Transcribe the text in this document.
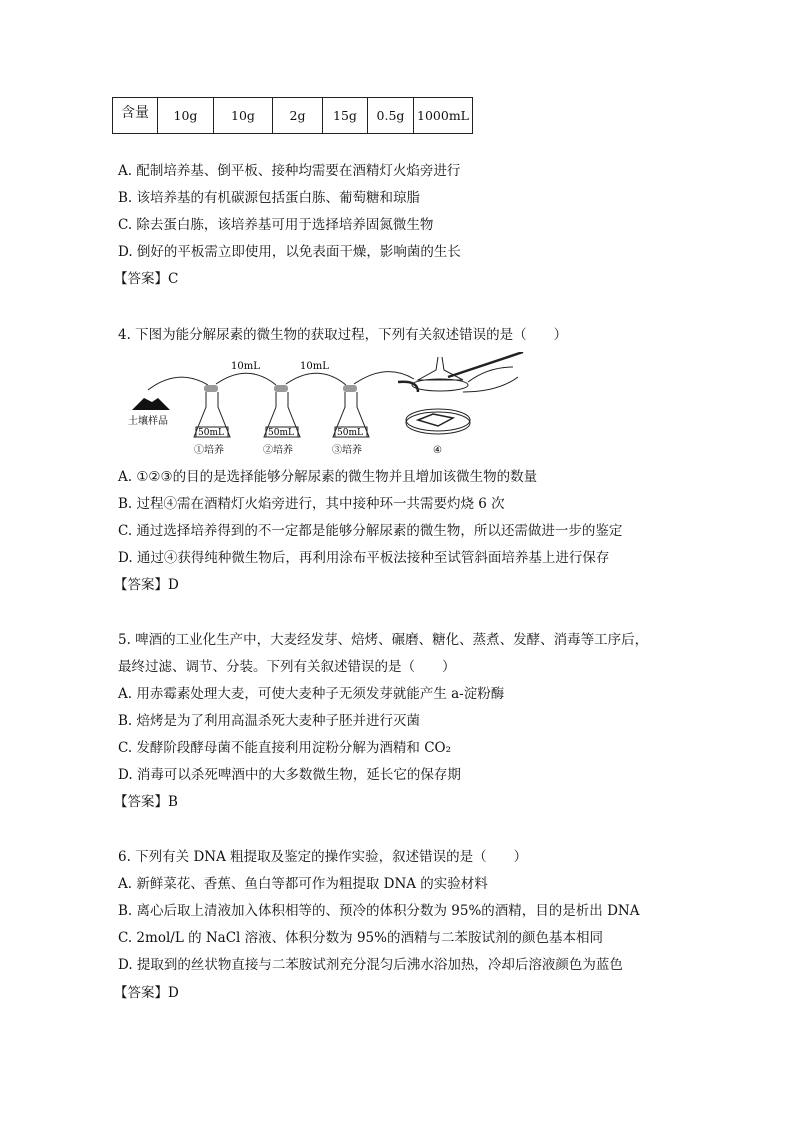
含量	10g	10g	2g	15g	0.5g	1000mL
A. 配制培养基、倒平板、接种均需要在酒精灯火焰旁进行
B. 该培养基的有机碳源包括蛋白胨、葡萄糖和琼脂
C. 除去蛋白胨，该培养基可用于选择培养固氮微生物
D. 倒好的平板需立即使用，以免表面干燥，影响菌的生长
【答案】C
4. 下图为能分解尿素的微生物的获取过程，下列有关叙述错误的是（　　）
土壤样品
10mL	10mL
50mL	50mL	50mL
①培养	②培养	③培养	④
A. ①②③的目的是选择能够分解尿素的微生物并且增加该微生物的数量
B. 过程④需在酒精灯火焰旁进行，其中接种环一共需要灼烧 6 次
C. 通过选择培养得到的不一定都是能够分解尿素的微生物，所以还需做进一步的鉴定
D. 通过④获得纯种微生物后，再利用涂布平板法接种至试管斜面培养基上进行保存
【答案】D
5. 啤酒的工业化生产中，大麦经发芽、焙烤、碾磨、糖化、蒸煮、发酵、消毒等工序后，
最终过滤、调节、分装。下列有关叙述错误的是（　　）
A. 用赤霉素处理大麦，可使大麦种子无须发芽就能产生 a-淀粉酶
B. 焙烤是为了利用高温杀死大麦种子胚并进行灭菌
C. 发酵阶段酵母菌不能直接利用淀粉分解为酒精和 CO₂
D. 消毒可以杀死啤酒中的大多数微生物，延长它的保存期
【答案】B
6. 下列有关 DNA 粗提取及鉴定的操作实验，叙述错误的是（　　）
A. 新鲜菜花、香蕉、鱼白等都可作为粗提取 DNA 的实验材料
B. 离心后取上清液加入体积相等的、预冷的体积分数为 95%的酒精，目的是析出 DNA
C. 2mol/L 的 NaCl 溶液、体积分数为 95%的酒精与二苯胺试剂的颜色基本相同
D. 提取到的丝状物直接与二苯胺试剂充分混匀后沸水浴加热，冷却后溶液颜色为蓝色
【答案】D
